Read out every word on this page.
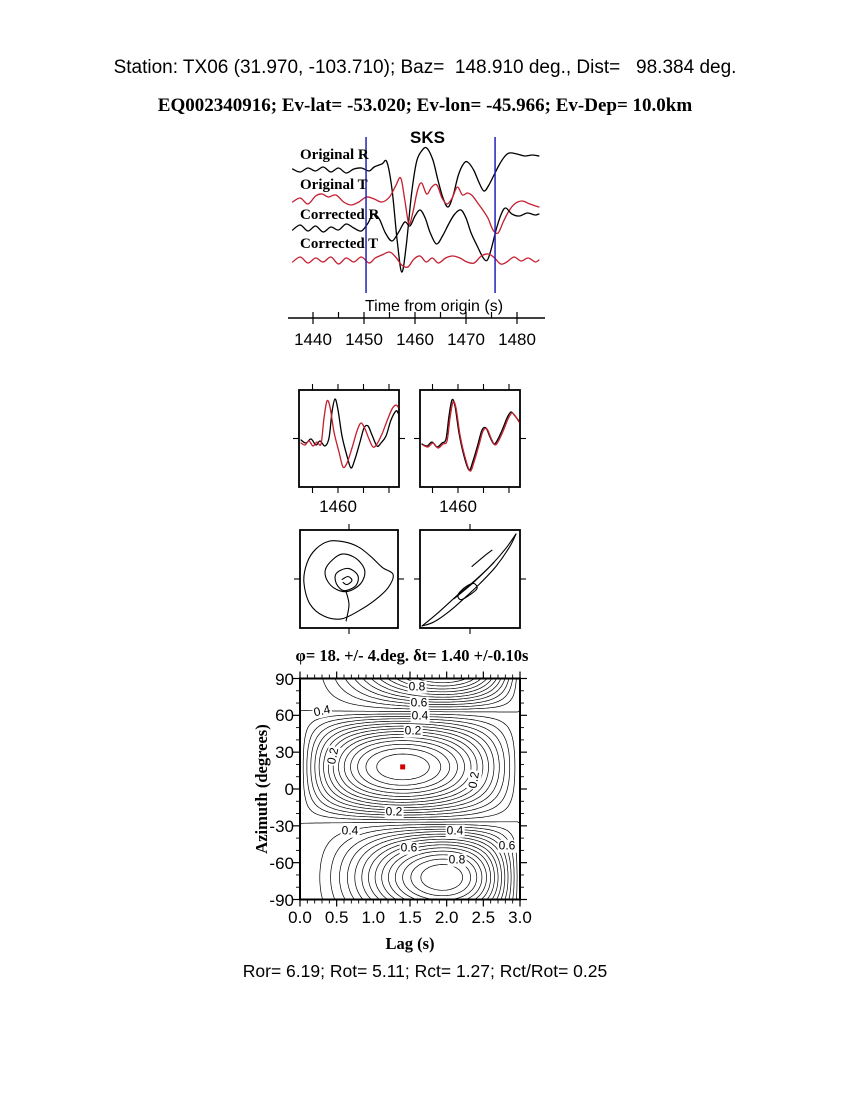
Station: TX06 (31.970, -103.710); Baz=  148.910 deg., Dist=   98.384 deg.
EQ002340916; Ev-lat= -53.020; Ev-lon= -45.966; Ev-Dep= 10.0km
SKS
Original R
Original T
Corrected R
Corrected T
Time from origin (s)
1460	1460
φ= 18. +/- 4.deg. δt= 1.40 +/-0.10s
Azimuth (degrees)
Lag (s)
Ror= 6.19; Rot= 5.11; Rct= 1.27; Rct/Rot= 0.25
1440 1450 1460 1470 1480
0.0 0.5 1.0 1.5 2.0 2.5 3.0
90
60
30
0
-30
-60
-90
0.8
0.6
0.4
0.2
0.4
0.2
0.2
0.2
0.4	0.4
0.6	0.6
0.8
